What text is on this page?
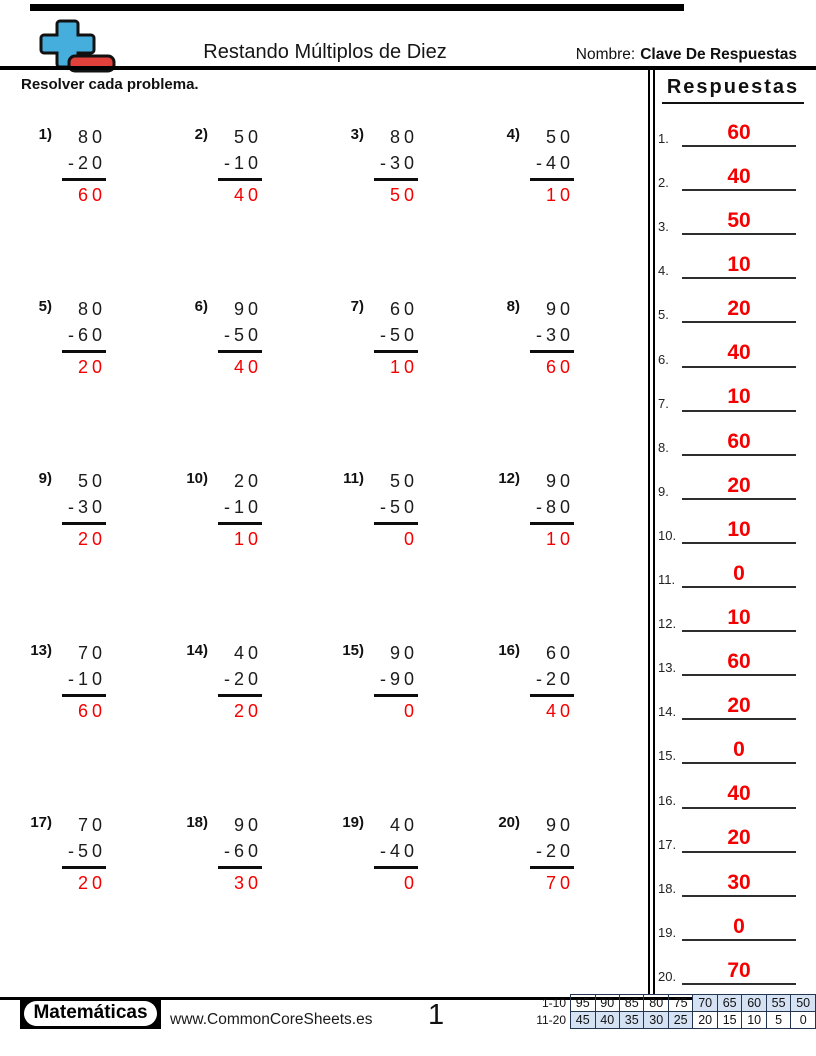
Restando Múltiplos de Diez	Nombre: Clave De Respuestas
Resolver cada problema.
1)	80
-20
60
2)	50
-10
40
3)	80
-30
50
4)	50
-40
10
5)	80
-60
20
6)	90
-50
40
7)	60
-50
10
8)	90
-30
60
9)	50
-30
20
10)	20
-10
10
11)	50
-50
0
12)	90
-80
10
13)	70
-10
60
14)	40
-20
20
15)	90
-90
0
16)	60
-20
40
17)	70
-50
20
18)	90
-60
30
19)	40
-40
0
20)	90
-20
70
Respuestas
1.	60
2.	40
3.	50
4.	10
5.	20
6.	40
7.	10
8.	60
9.	20
10.	10
11.	0
12.	10
13.	60
14.	20
15.	0
16.	40
17.	20
18.	30
19.	0
20.	70
Matemáticas	www.CommonCoreSheets.es 1	1-10	95	90	85	80	75	70	65	60	55	50
11-20	45	40	35	30	25	20	15	10	5	0
